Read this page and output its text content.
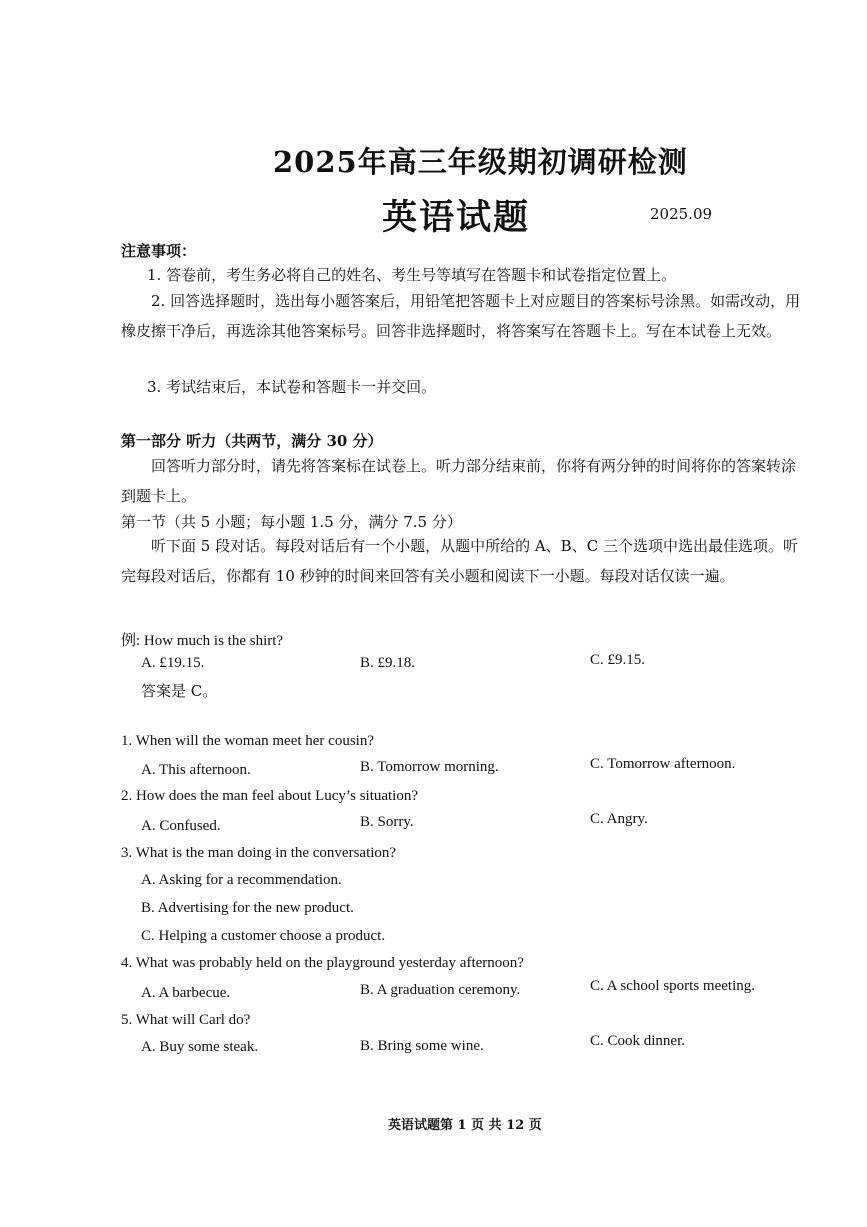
2025年高三年级期初调研检测
英语试题	2025.09
注意事项：
1. 答卷前，考生务必将自己的姓名、考生号等填写在答题卡和试卷指定位置上。
2. 回答选择题时，选出每小题答案后，用铅笔把答题卡上对应题目的答案标号涂黑。如需改动，用橡皮擦干净后，再选涂其他答案标号。回答非选择题时，将答案写在答题卡上。写在本试卷上无效。
3. 考试结束后，本试卷和答题卡一并交回。
第一部分 听力（共两节，满分 30 分）
回答听力部分时，请先将答案标在试卷上。听力部分结束前，你将有两分钟的时间将你的答案转涂到题卡上。
第一节（共 5 小题；每小题 1.5 分，满分 7.5 分）
听下面 5 段对话。每段对话后有一个小题，从题中所给的 A、B、C 三个选项中选出最佳选项。听完每段对话后，你都有 10 秒钟的时间来回答有关小题和阅读下一小题。每段对话仅读一遍。
例: How much is the shirt?
A. £19.15.	B. £9.18.	C. £9.15.
答案是 C。
1. When will the woman meet her cousin?
A. This afternoon.	B. Tomorrow morning.	C. Tomorrow afternoon.
2. How does the man feel about Lucy’s situation?
A. Confused.	B. Sorry.	C. Angry.
3. What is the man doing in the conversation?
A. Asking for a recommendation.
B. Advertising for the new product.
C. Helping a customer choose a product.
4. What was probably held on the playground yesterday afternoon?
A. A barbecue.	B. A graduation ceremony.	C. A school sports meeting.
5. What will Carl do?
A. Buy some steak.	B. Bring some wine.	C. Cook dinner.
英语试题第 1 页 共 12 页
